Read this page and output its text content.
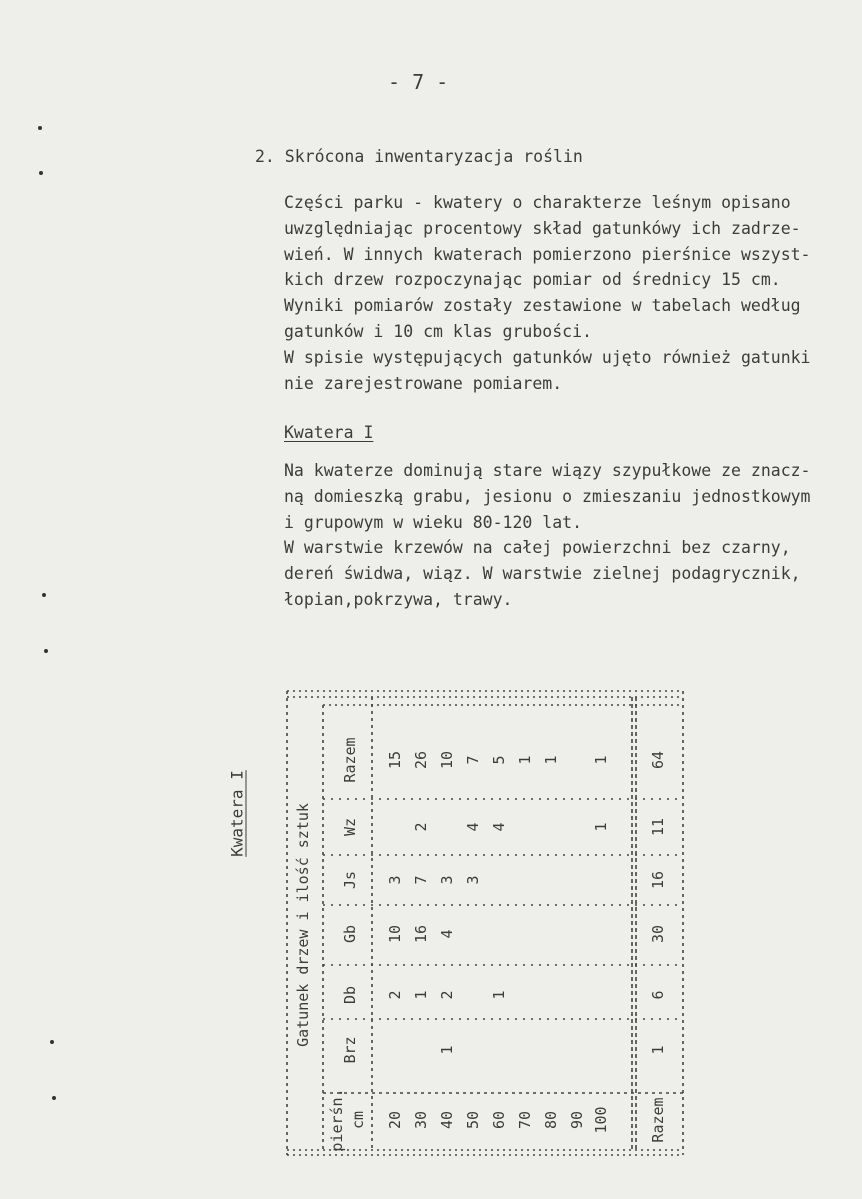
- 7 -
2. Skrócona inwentaryzacja roślin
Części parku - kwatery o charakterze leśnym opisano
uwzględniając procentowy skład gatunkówy ich zadrze-
wień. W innych kwaterach pomierzono pierśnice wszyst-
kich drzew rozpoczynając pomiar od średnicy 15 cm.
Wyniki pomiarów zostały zestawione w tabelach według
gatunków i 10 cm klas grubości.
W spisie występujących gatunków ujęto również gatunki
nie zarejestrowane pomiarem.
Kwatera I
Na kwaterze dominują stare wiązy szypułkowe ze znacz-
ną domieszką grabu, jesionu o zmieszaniu jednostkowym
i grupowym w wieku 80-120 lat.
W warstwie krzewów na całej powierzchni bez czarny,
dereń świdwa, wiąz. W warstwie zielnej podagrycznik,
łopian,pokrzywa, trawy.
Kwatera I	Gatunek drzew i ilość sztuk
pierśn. cm
Brz
Db
Gb
Js
Wz
Razem
20
2
10
3
15
30
1
16
7
2
26
40
1
2
4
3
10
50
3
4
7
60
1
4
5
70
1
80
1
90 100
1
1
Razem
1
6
30
16
11
64
